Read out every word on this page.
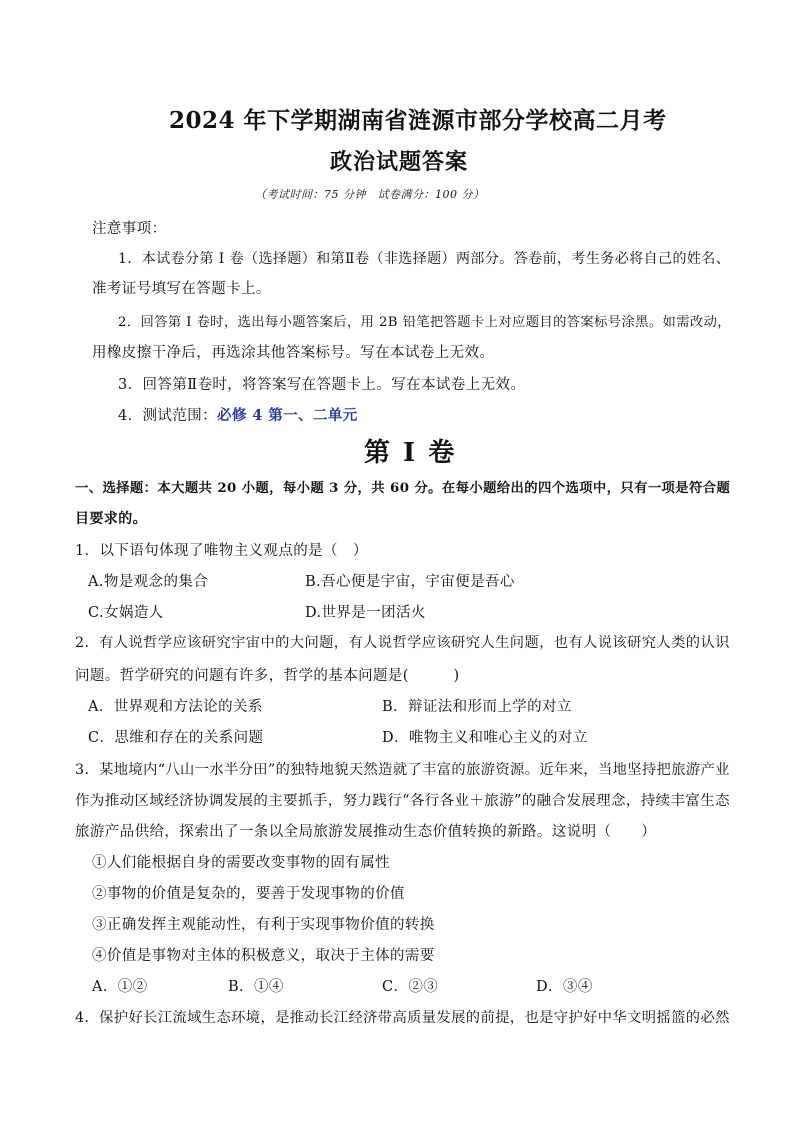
2024 年下学期湖南省涟源市部分学校高二月考
政治试题答案
（考试时间：75 分钟　试卷满分：100 分）
注意事项：
1．本试卷分第 I 卷（选择题）和第Ⅱ卷（非选择题）两部分。答卷前，考生务必将自己的姓名、
准考证号填写在答题卡上。
2．回答第 I 卷时，选出每小题答案后，用 2B 铅笔把答题卡上对应题目的答案标号涂黑。如需改动，
用橡皮擦干净后，再选涂其他答案标号。写在本试卷上无效。
3．回答第Ⅱ卷时，将答案写在答题卡上。写在本试卷上无效。
4．测试范围：必修 4 第一、二单元
第 I 卷
一、选择题：本大题共 20 小题，每小题 3 分，共 60 分。在每小题给出的四个选项中，只有一项是符合题
目要求的。
1．以下语句体现了唯物主义观点的是（　）
A.物是观念的集合	B.吾心便是宇宙，宇宙便是吾心
C.女娲造人	D.世界是一团活火
2．有人说哲学应该研究宇宙中的大问题，有人说哲学应该研究人生问题，也有人说该研究人类的认识
问题。哲学研究的问题有许多，哲学的基本问题是(　　　)
A．世界观和方法论的关系	B．辩证法和形而上学的对立
C．思维和存在的关系问题	D．唯物主义和唯心主义的对立
3．某地境内“八山一水半分田”的独特地貌天然造就了丰富的旅游资源。近年来，当地坚持把旅游产业
作为推动区域经济协调发展的主要抓手，努力践行“各行各业＋旅游”的融合发展理念，持续丰富生态
旅游产品供给，探索出了一条以全局旅游发展推动生态价值转换的新路。这说明（　　）
①人们能根据自身的需要改变事物的固有属性
②事物的价值是复杂的，要善于发现事物的价值
③正确发挥主观能动性，有利于实现事物价值的转换
④价值是事物对主体的积极意义，取决于主体的需要
A．①②	B．①④	C．②③	D．③④
4．保护好长江流域生态环境，是推动长江经济带高质量发展的前提，也是守护好中华文明摇篮的必然
